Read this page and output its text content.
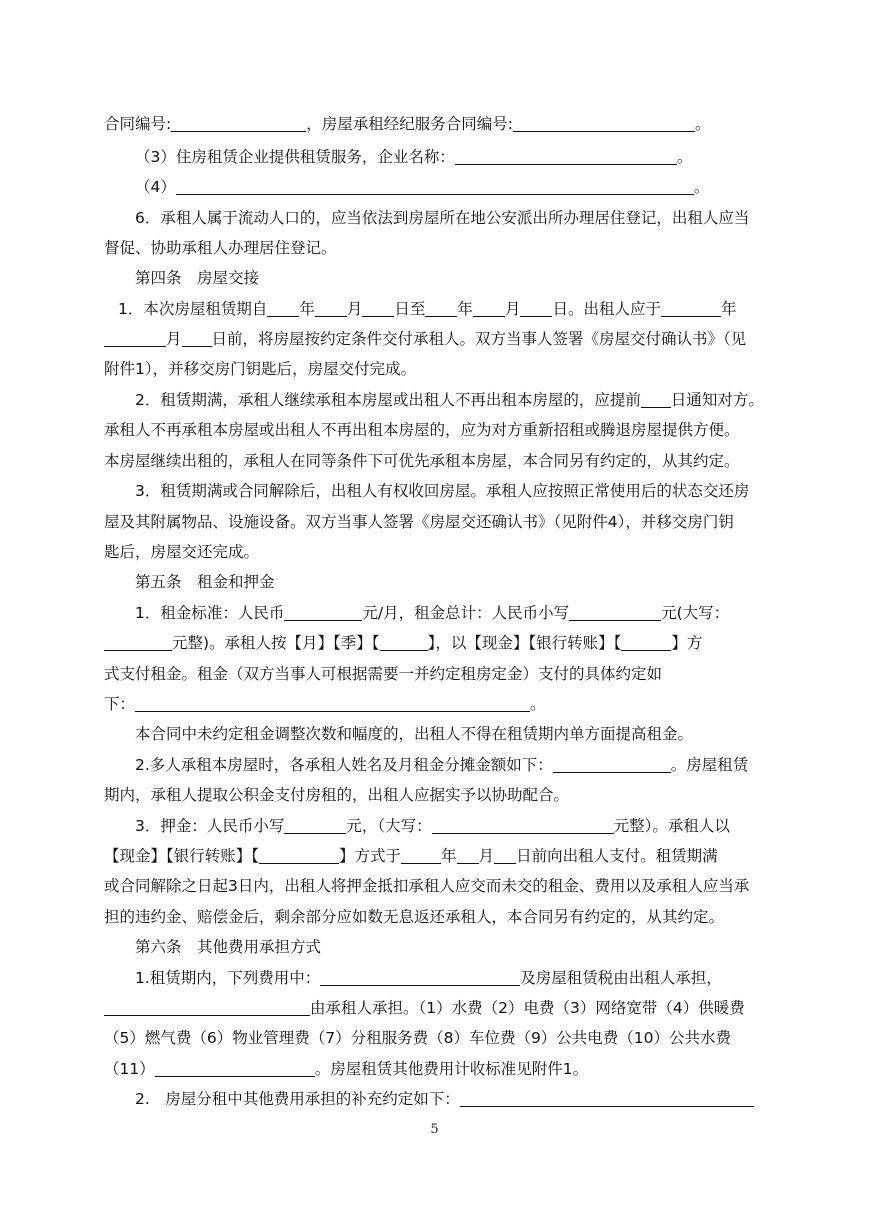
合同编号:	，房屋承租经纪服务合同编号:	。
（3）住房租赁企业提供租赁服务，企业名称：	。
（4）	。
6．承租人属于流动人口的，应当依法到房屋所在地公安派出所办理居住登记，出租人应当
督促、协助承租人办理居住登记。
第四条　房屋交接
1．本次房屋租赁期自 年 月 日至 年 月 日。出租人应于	年
月 日前，将房屋按约定条件交付承租人。双方当事人签署《房屋交付确认书》（见
附件1），并移交房门钥匙后，房屋交付完成。
2．租赁期满，承租人继续承租本房屋或出租人不再出租本房屋的，应提前 日通知对方。
承租人不再承租本房屋或出租人不再出租本房屋的，应为对方重新招租或腾退房屋提供方便。
本房屋继续出租的，承租人在同等条件下可优先承租本房屋，本合同另有约定的，从其约定。
3．租赁期满或合同解除后，出租人有权收回房屋。承租人应按照正常使用后的状态交还房
屋及其附属物品、设施设备。双方当事人签署《房屋交还确认书》（见附件4），并移交房门钥
匙后，房屋交还完成。
第五条　租金和押金
1．租金标准：人民币	元/月，租金总计：人民币小写	元(大写：
元整)。承租人按【月】【季】【	】，以【现金】【银行转账】【	】方
式支付租金。租金（双方当事人可根据需要一并约定租房定金）支付的具体约定如
下：	。
本合同中未约定租金调整次数和幅度的，出租人不得在租赁期内单方面提高租金。
2.多人承租本房屋时，各承租人姓名及月租金分摊金额如下：	。房屋租赁
期内，承租人提取公积金支付房租的，出租人应据实予以协助配合。
3．押金：人民币小写	元，（大写：	元整）。承租人以
【现金】【银行转账】【	】方式于	年 月 日前向出租人支付。租赁期满
或合同解除之日起3日内，出租人将押金抵扣承租人应交而未交的租金、费用以及承租人应当承
担的违约金、赔偿金后，剩余部分应如数无息返还承租人，本合同另有约定的，从其约定。
第六条　其他费用承担方式
1.租赁期内，下列费用中：	及房屋租赁税由出租人承担，
由承租人承担。（1）水费（2）电费（3）网络宽带（4）供暖费
（5）燃气费（6）物业管理费（7）分租服务费（8）车位费（9）公共电费（10）公共水费
（11）	。房屋租赁其他费用计收标准见附件1。
2.　房屋分租中其他费用承担的补充约定如下：
5
